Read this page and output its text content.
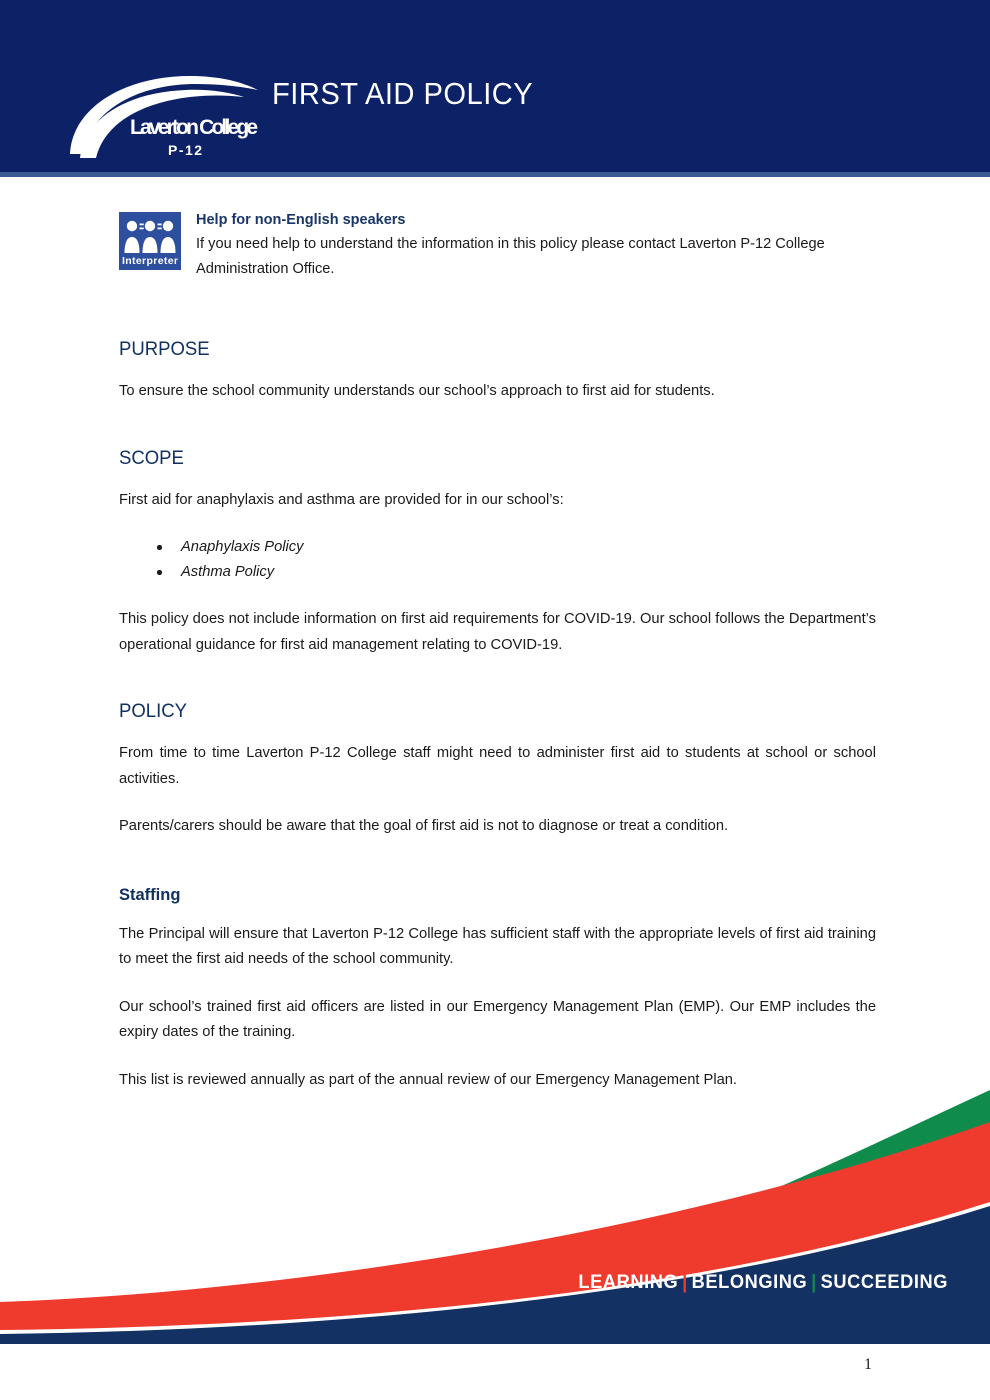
Laverton College
P-12
FIRST AID POLICY
Interpreter

Help for non-English speakers

If you need help to understand the information in this policy please contact Laverton P-12 College Administration Office.

PURPOSE

To ensure the school community understands our school’s approach to first aid for students.

SCOPE

First aid for anaphylaxis and asthma are provided for in our school’s:

Anaphylaxis Policy
Asthma Policy

This policy does not include information on first aid requirements for COVID-19. Our school follows the Department’s operational guidance for first aid management relating to COVID-19.

POLICY

From time to time Laverton P-12 College staff might need to administer first aid to students at school or school activities.

Parents/carers should be aware that the goal of first aid is not to diagnose or treat a condition.

Staffing

The Principal will ensure that Laverton P-12 College has sufficient staff with the appropriate levels of first aid training to meet the first aid needs of the school community.

Our school’s trained first aid officers are listed in our Emergency Management Plan (EMP). Our EMP includes the expiry dates of the training.

This list is reviewed annually as part of the annual review of our Emergency Management Plan.

LEARNING | BELONGING | SUCCEEDING
1
